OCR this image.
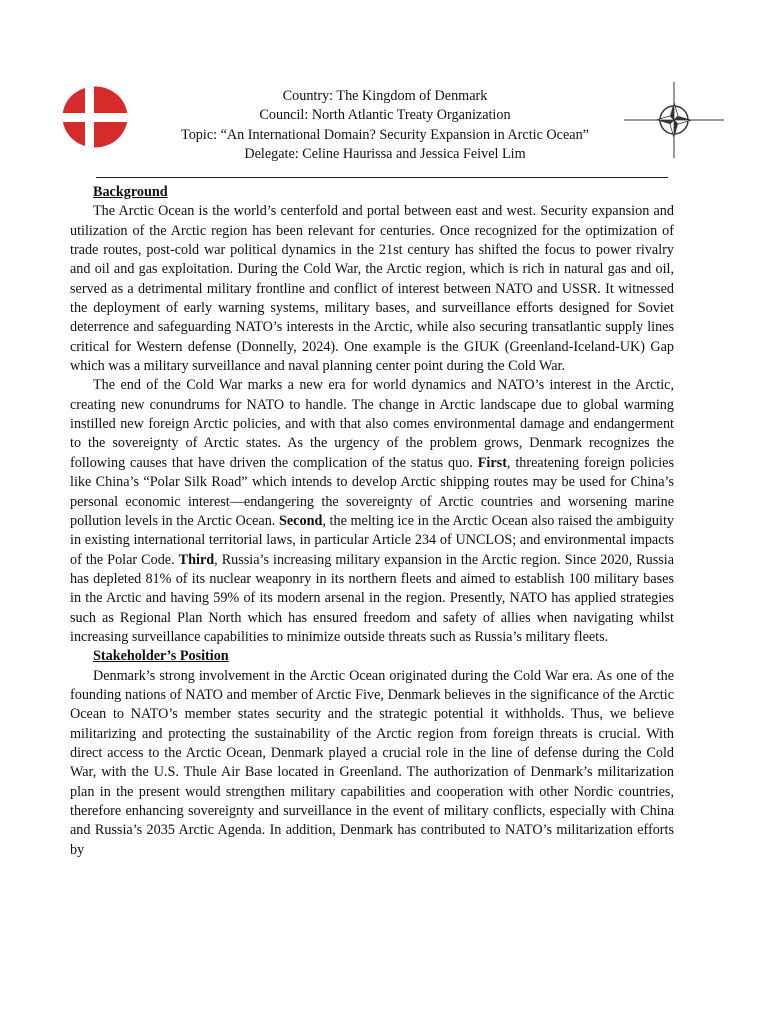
Country: The Kingdom of Denmark
Council: North Atlantic Treaty Organization
Topic: “An International Domain? Security Expansion in Arctic Ocean”
Delegate: Celine Haurissa and Jessica Feivel Lim

Background

The Arctic Ocean is the world’s centerfold and portal between east and west. Security expansion and utilization of the Arctic region has been relevant for centuries. Once recognized for the optimization of trade routes, post-cold war political dynamics in the 21st century has shifted the focus to power rivalry and oil and gas exploitation. During the Cold War, the Arctic region, which is rich in natural gas and oil, served as a detrimental military frontline and conflict of interest between NATO and USSR. It witnessed the deployment of early warning systems, military bases, and surveillance efforts designed for Soviet deterrence and safeguarding NATO’s interests in the Arctic, while also securing transatlantic supply lines critical for Western defense (Donnelly, 2024). One example is the GIUK (Greenland-Iceland-UK) Gap which was a military surveillance and naval planning center point during the Cold War.

The end of the Cold War marks a new era for world dynamics and NATO’s interest in the Arctic, creating new conundrums for NATO to handle. The change in Arctic landscape due to global warming instilled new foreign Arctic policies, and with that also comes environmental damage and endangerment to the sovereignty of Arctic states. As the urgency of the problem grows, Denmark recognizes the following causes that have driven the complication of the status quo. First, threatening foreign policies like China’s “Polar Silk Road” which intends to develop Arctic shipping routes may be used for China’s personal economic interest—endangering the sovereignty of Arctic countries and worsening marine pollution levels in the Arctic Ocean. Second, the melting ice in the Arctic Ocean also raised the ambiguity in existing international territorial laws, in particular Article 234 of UNCLOS; and environmental impacts of the Polar Code. Third, Russia’s increasing military expansion in the Arctic region. Since 2020, Russia has depleted 81% of its nuclear weaponry in its northern fleets and aimed to establish 100 military bases in the Arctic and having 59% of its modern arsenal in the region. Presently, NATO has applied strategies such as Regional Plan North which has ensured freedom and safety of allies when navigating whilst increasing surveillance capabilities to minimize outside threats such as Russia’s military fleets.

Stakeholder’s Position

Denmark’s strong involvement in the Arctic Ocean originated during the Cold War era. As one of the founding nations of NATO and member of Arctic Five, Denmark believes in the significance of the Arctic Ocean to NATO’s member states security and the strategic potential it withholds. Thus, we believe militarizing and protecting the sustainability of the Arctic region from foreign threats is crucial. With direct access to the Arctic Ocean, Denmark played a crucial role in the line of defense during the Cold War, with the U.S. Thule Air Base located in Greenland. The authorization of Denmark’s militarization plan in the present would strengthen military capabilities and cooperation with other Nordic countries, therefore enhancing sovereignty and surveillance in the event of military conflicts, especially with China and Russia’s 2035 Arctic Agenda. In addition, Denmark has contributed to NATO’s militarization efforts by
